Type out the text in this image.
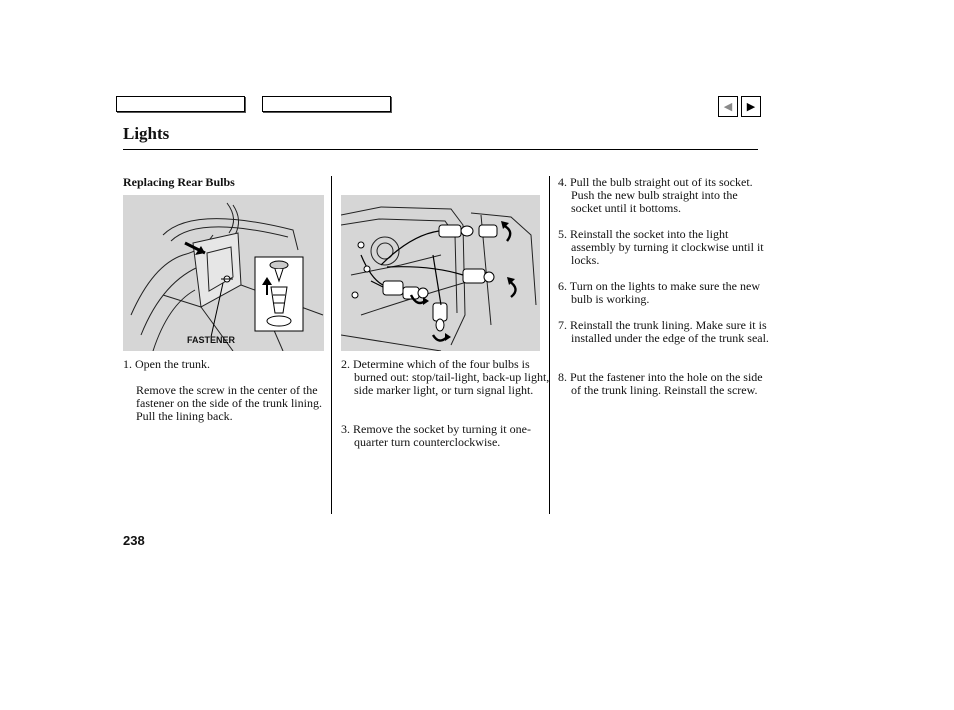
◀ ▶
Lights
Replacing Rear Bulbs
FASTENER

1. Open the trunk.

Remove the screw in the center of the fastener on the side of the trunk lining. Pull the lining back.

2. Determine which of the four bulbs is burned out: stop/tail-light, back-up light, side marker light, or turn signal light.

3. Remove the socket by turning it one-quarter turn counterclockwise.

4. Pull the bulb straight out of its socket. Push the new bulb straight into the socket until it bottoms.

5. Reinstall the socket into the light assembly by turning it clockwise until it locks.

6. Turn on the lights to make sure the new bulb is working.

7. Reinstall the trunk lining. Make sure it is installed under the edge of the trunk seal.

8. Put the fastener into the hole on the side of the trunk lining. Reinstall the screw.

238
